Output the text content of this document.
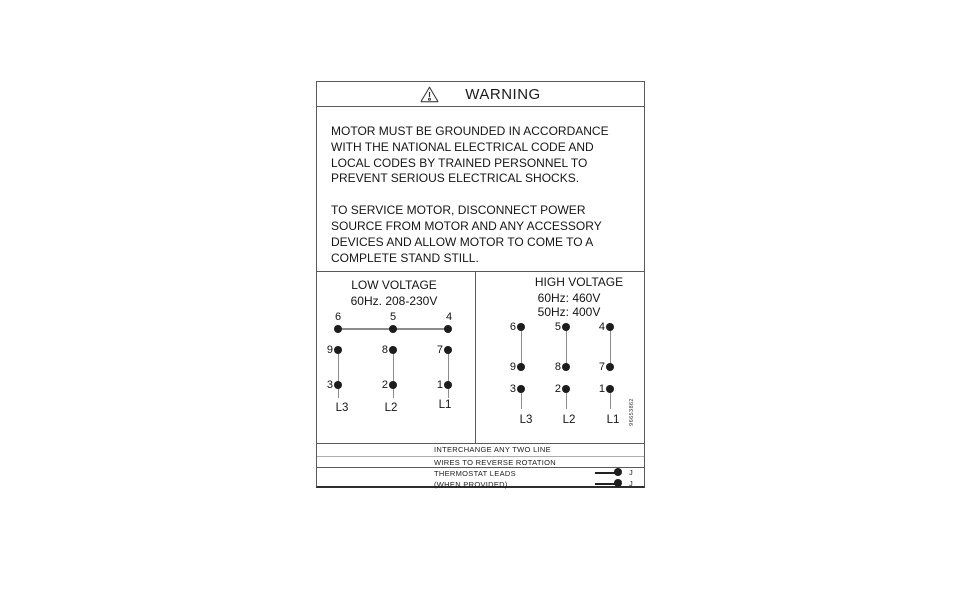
WARNING

MOTOR MUST BE GROUNDED IN ACCORDANCE WITH THE NATIONAL ELECTRICAL CODE AND LOCAL CODES BY TRAINED PERSONNEL TO PREVENT SERIOUS ELECTRICAL SHOCKS.

TO SERVICE MOTOR, DISCONNECT POWER SOURCE FROM MOTOR AND ANY ACCESSORY DEVICES AND ALLOW MOTOR TO COME TO A COMPLETE STAND STILL.

LOW VOLTAGE
60Hz. 208-230V
6	5	4
9	8	7
3	2	1
L3	L2	L1
HIGH VOLTAGE
60Hz: 460V
50Hz: 400V
6	5	4
9	8	7
3	2	1
L3	L2	L1 96653862
INTERCHANGE ANY TWO LINE
WIRES TO REVERSE ROTATION
THERMOSTAT LEADS	J
(WHEN PROVIDED)	J
